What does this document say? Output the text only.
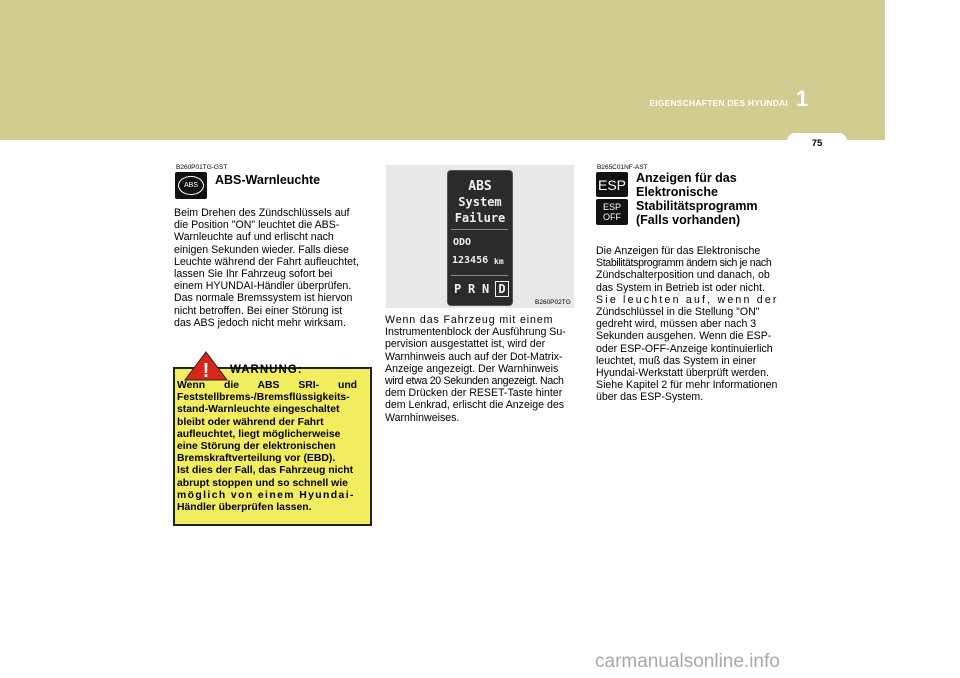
EIGENSCHAFTEN DES HYUNDAI 1
75
B260P01TG-GST
ABS	ABS-Warnleuchte
Beim Drehen des Zündschlüssels auf
die Position "ON" leuchtet die ABS-
Warnleuchte auf und erlischt nach
einigen Sekunden wieder. Falls diese
Leuchte während der Fahrt aufleuchtet,
lassen Sie Ihr Fahrzeug sofort bei
einem HYUNDAI-Händler überprüfen.
Das normale Bremssystem ist hiervon
nicht betroffen. Bei einer Störung ist
das ABS jedoch nicht mehr wirksam.
! WARNUNG:
Wenn die ABS SRI- und
Feststellbrems-/Bremsflüssigkeits-
stand-Warnleuchte eingeschaltet
bleibt oder während der Fahrt
aufleuchtet, liegt möglicherweise
eine Störung der elektronischen
Bremskraftverteilung vor (EBD).
Ist dies der Fall, das Fahrzeug nicht
abrupt stoppen und so schnell wie
möglich von einem Hyundai-
Händler überprüfen lassen.
ABS
System
Failure
ODO
123456 km
P R N D
B260P02TG
Wenn das Fahrzeug mit einem
Instrumentenblock der Ausführung Su-
pervision ausgestattet ist, wird der
Warnhinweis auch auf der Dot-Matrix-
Anzeige angezeigt. Der Warnhinweis
wird etwa 20 Sekunden angezeigt. Nach
dem Drücken der RESET-Taste hinter
dem Lenkrad, erlischt die Anzeige des
Warnhinweises.
B265C01NF-AST
ESP
ESP
OFF
Anzeigen für das
Elektronische
Stabilitätsprogramm
(Falls vorhanden)
Die Anzeigen für das Elektronische
Stabilitätsprogramm ändern sich je nach
Zündschalterposition und danach, ob
das System in Betrieb ist oder nicht.
Sie leuchten auf, wenn der
Zündschlüssel in die Stellung "ON"
gedreht wird, müssen aber nach 3
Sekunden ausgehen. Wenn die ESP-
oder ESP-OFF-Anzeige kontinuierlich
leuchtet, muß das System in einer
Hyundai-Werkstatt überprüft werden.
Siehe Kapitel 2 für mehr Informationen
über das ESP-System.
carmanualsonline.info
